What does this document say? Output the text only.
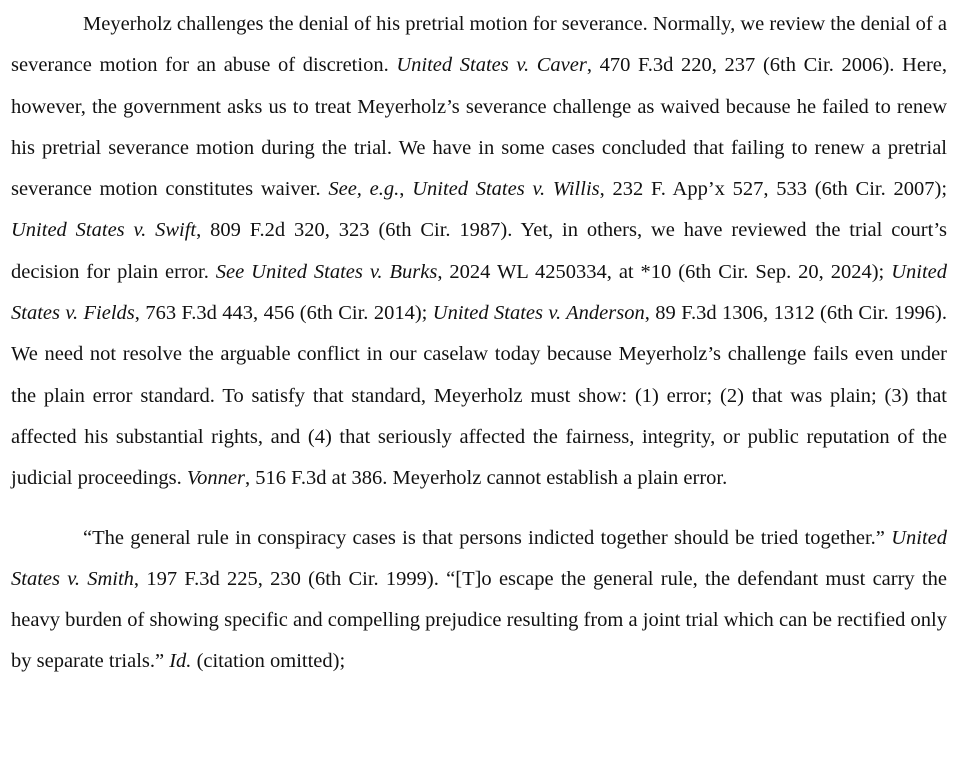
Meyerholz challenges the denial of his pretrial motion for severance. Normally, we review the denial of a severance motion for an abuse of discretion. United States v. Caver, 470 F.3d 220, 237 (6th Cir. 2006). Here, however, the government asks us to treat Meyerholz’s severance challenge as waived because he failed to renew his pretrial severance motion during the trial. We have in some cases concluded that failing to renew a pretrial severance motion constitutes waiver. See, e.g., United States v. Willis, 232 F. App’x 527, 533 (6th Cir. 2007); United States v. Swift, 809 F.2d 320, 323 (6th Cir. 1987). Yet, in others, we have reviewed the trial court’s decision for plain error. See United States v. Burks, 2024 WL 4250334, at *10 (6th Cir. Sep. 20, 2024); United States v. Fields, 763 F.3d 443, 456 (6th Cir. 2014); United States v. Anderson, 89 F.3d 1306, 1312 (6th Cir. 1996). We need not resolve the arguable conflict in our caselaw today because Meyerholz’s challenge fails even under the plain error standard. To satisfy that standard, Meyerholz must show: (1) error; (2) that was plain; (3) that affected his substantial rights, and (4) that seriously affected the fairness, integrity, or public reputation of the judicial proceedings. Vonner, 516 F.3d at 386. Meyerholz cannot establish a plain error.

“The general rule in conspiracy cases is that persons indicted together should be tried together.” United States v. Smith, 197 F.3d 225, 230 (6th Cir. 1999). “[T]o escape the general rule, the defendant must carry the heavy burden of showing specific and compelling prejudice resulting from a joint trial which can be rectified only by separate trials.” Id. (citation omitted);
